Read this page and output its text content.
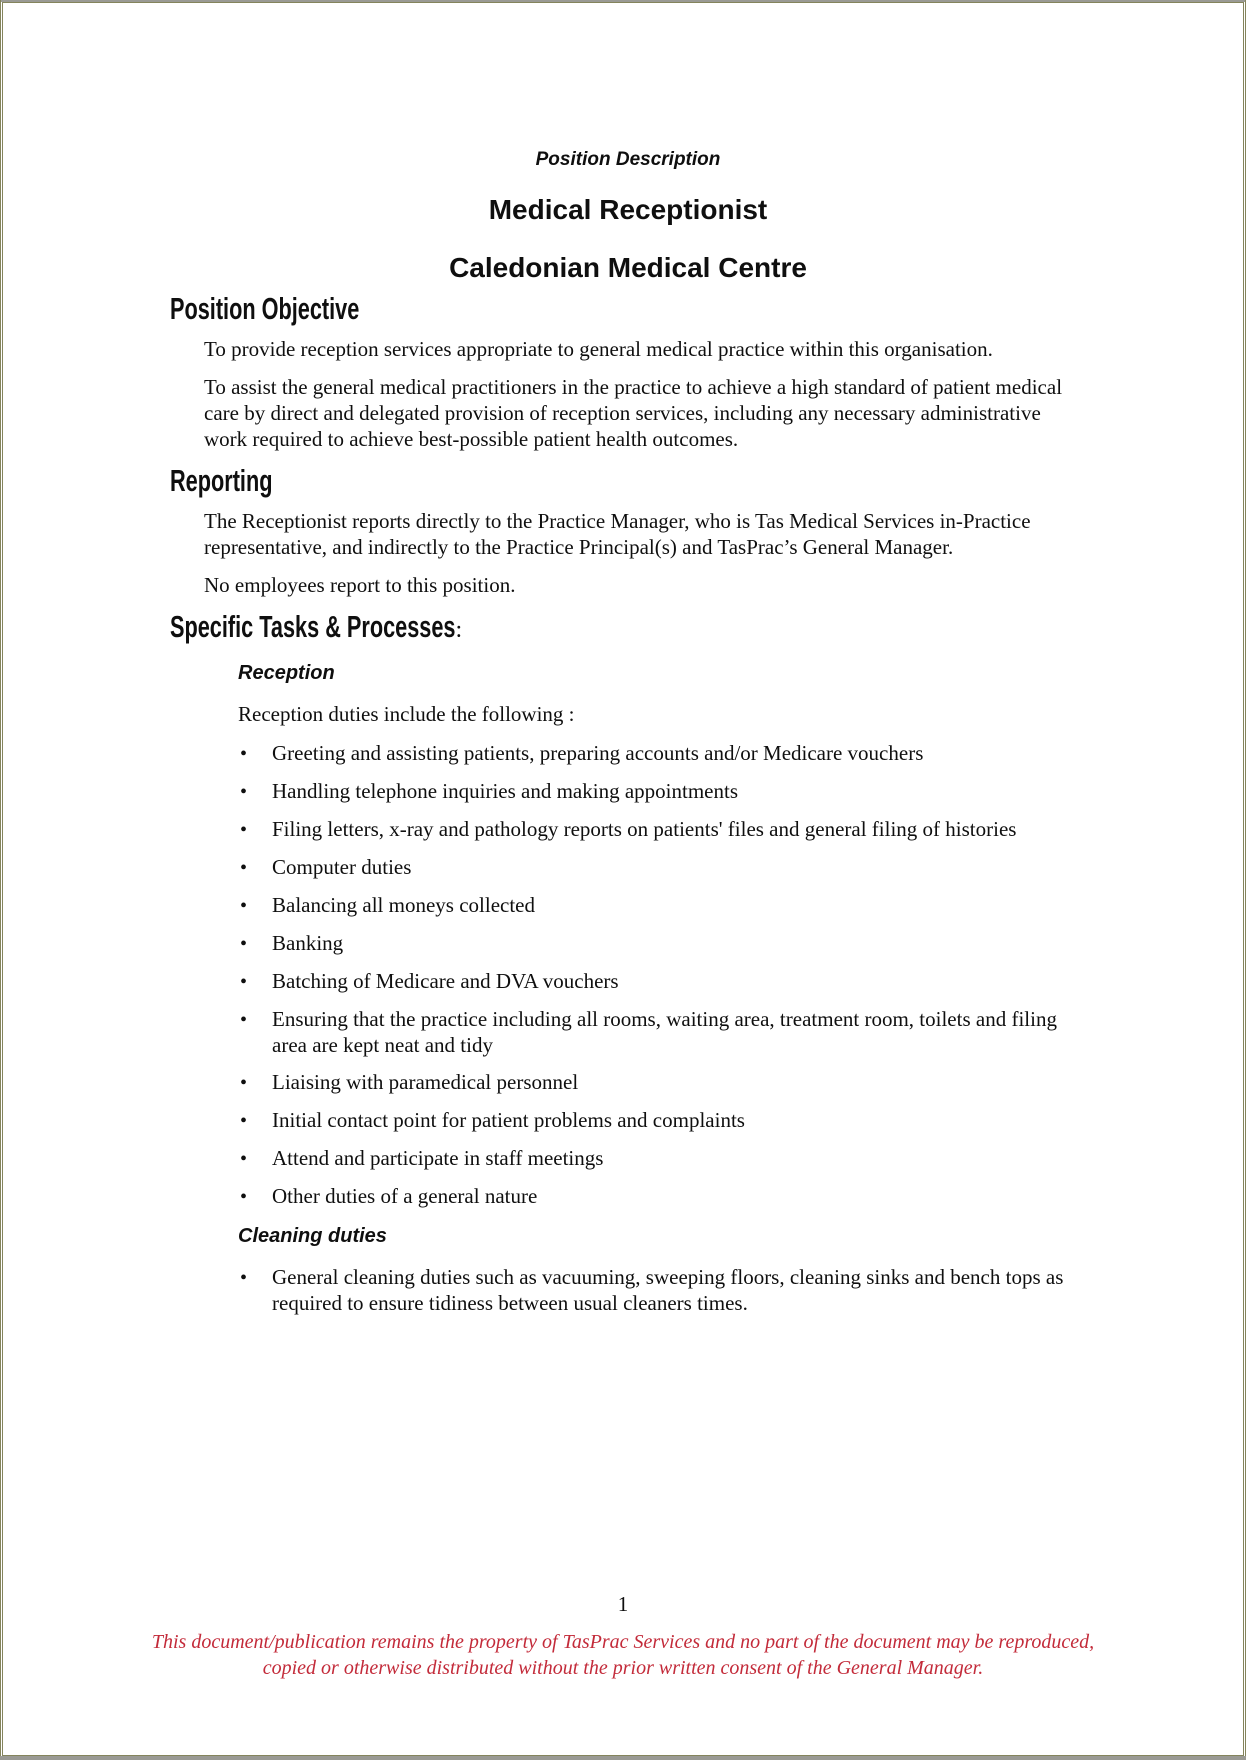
Position Description
Medical Receptionist
Caledonian Medical Centre
Position Objective

To provide reception services appropriate to general medical practice within this organisation.

To assist the general medical practitioners in the practice to achieve a high standard of patient medical care by direct and delegated provision of reception services, including any necessary administrative work required to achieve best-possible patient health outcomes.

Reporting

The Receptionist reports directly to the Practice Manager, who is Tas Medical Services in-Practice representative, and indirectly to the Practice Principal(s) and TasPrac’s General Manager.

No employees report to this position.

Specific Tasks & Processes:
Reception

Reception duties include the following :

•
Greeting and assisting patients, preparing accounts and/or Medicare vouchers
•
Handling telephone inquiries and making appointments
•
Filing letters, x-ray and pathology reports on patients' files and general filing of histories
•
Computer duties
•
Balancing all moneys collected
•
Banking
•
Batching of Medicare and DVA vouchers
•
Ensuring that the practice including all rooms, waiting area, treatment room, toilets and filing area are kept neat and tidy
•
Liaising with paramedical personnel
•
Initial contact point for patient problems and complaints
•
Attend and participate in staff meetings
•
Other duties of a general nature
Cleaning duties
•
General cleaning duties such as vacuuming, sweeping floors, cleaning sinks and bench tops as required to ensure tidiness between usual cleaners times.
1
This document/publication remains the property of TasPrac Services and no part of the document may be reproduced, copied or otherwise distributed without the prior written consent of the General Manager.
